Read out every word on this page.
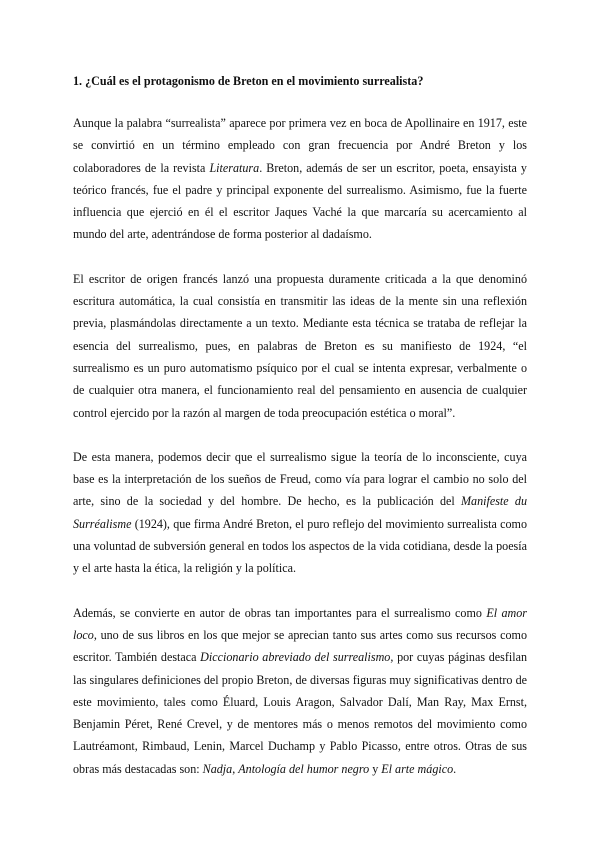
1. ¿Cuál es el protagonismo de Breton en el movimiento surrealista?

Aunque la palabra “surrealista” aparece por primera vez en boca de Apollinaire en 1917, este se convirtió en un término empleado con gran frecuencia por André Breton y los colaboradores de la revista Literatura. Breton, además de ser un escritor, poeta, ensayista y teórico francés, fue el padre y principal exponente del surrealismo. Asimismo, fue la fuerte influencia que ejerció en él el escritor Jaques Vaché la que marcaría su acercamiento al mundo del arte, adentrándose de forma posterior al dadaísmo.

El escritor de origen francés lanzó una propuesta duramente criticada a la que denominó escritura automática, la cual consistía en transmitir las ideas de la mente sin una reflexión previa, plasmándolas directamente a un texto. Mediante esta técnica se trataba de reflejar la esencia del surrealismo, pues, en palabras de Breton es su manifiesto de 1924, “el surrealismo es un puro automatismo psíquico por el cual se intenta expresar, verbalmente o de cualquier otra manera, el funcionamiento real del pensamiento en ausencia de cualquier control ejercido por la razón al margen de toda preocupación estética o moral”.

De esta manera, podemos decir que el surrealismo sigue la teoría de lo inconsciente, cuya base es la interpretación de los sueños de Freud, como vía para lograr el cambio no solo del arte, sino de la sociedad y del hombre. De hecho, es la publicación del Manifeste du Surréalisme (1924), que firma André Breton, el puro reflejo del movimiento surrealista como una voluntad de subversión general en todos los aspectos de la vida cotidiana, desde la poesía y el arte hasta la ética, la religión y la política.

Además, se convierte en autor de obras tan importantes para el surrealismo como El amor loco, uno de sus libros en los que mejor se aprecian tanto sus artes como sus recursos como escritor. También destaca Diccionario abreviado del surrealismo, por cuyas páginas desfilan las singulares definiciones del propio Breton, de diversas figuras muy significativas dentro de este movimiento, tales como Éluard, Louis Aragon, Salvador Dalí, Man Ray, Max Ernst, Benjamin Péret, René Crevel, y de mentores más o menos remotos del movimiento como Lautréamont, Rimbaud, Lenin, Marcel Duchamp y Pablo Picasso, entre otros. Otras de sus obras más destacadas son: Nadja, Antología del humor negro y El arte mágico.
